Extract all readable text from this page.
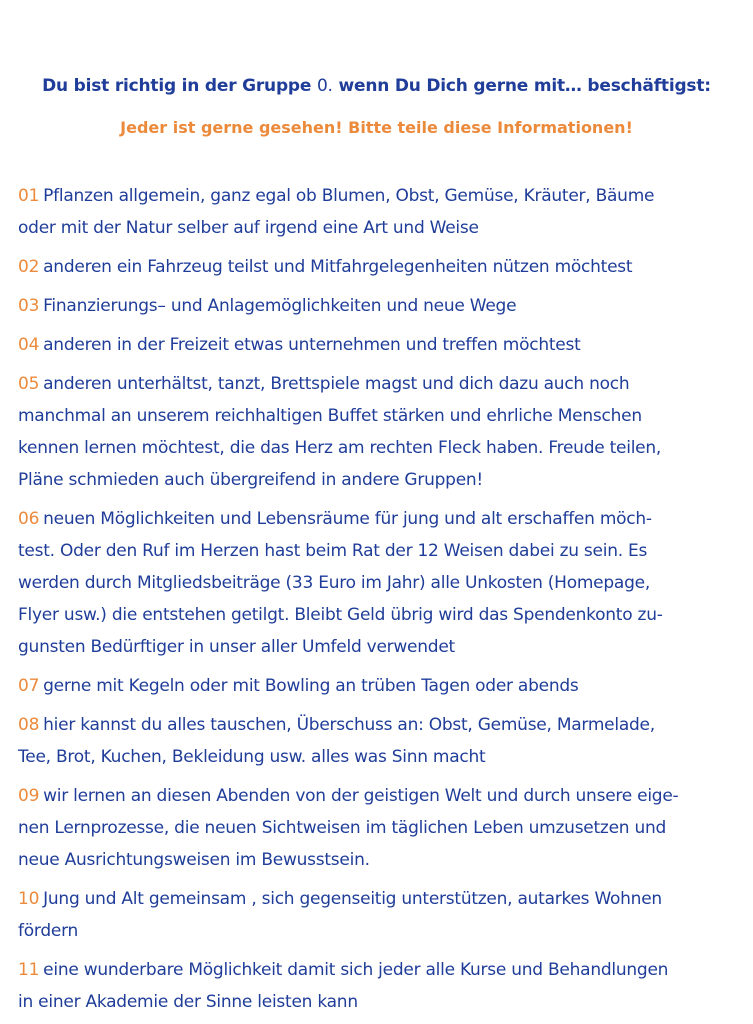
Du bist richtig in der Gruppe 0. wenn Du Dich gerne mit… beschäftigst:
Jeder ist gerne gesehen! Bitte teile diese Informationen!
01 Pflanzen allgemein, ganz egal ob Blumen, Obst, Gemüse, Kräuter, Bäume
oder mit der Natur selber auf irgend eine Art und Weise
02 anderen ein Fahrzeug teilst und Mitfahrgelegenheiten nützen möchtest
03 Finanzierungs– und Anlagemöglichkeiten und neue Wege
04 anderen in der Freizeit etwas unternehmen und treffen möchtest
05 anderen unterhältst, tanzt, Brettspiele magst und dich dazu auch noch
manchmal an unserem reichhaltigen Buffet stärken und ehrliche Menschen
kennen lernen möchtest, die das Herz am rechten Fleck haben. Freude teilen,
Pläne schmieden auch übergreifend in andere Gruppen!
06 neuen Möglichkeiten und Lebensräume für jung und alt erschaffen möch-
test. Oder den Ruf im Herzen hast beim Rat der 12 Weisen dabei zu sein. Es
werden durch Mitgliedsbeiträge (33 Euro im Jahr) alle Unkosten (Homepage,
Flyer usw.) die entstehen getilgt. Bleibt Geld übrig wird das Spendenkonto zu-
gunsten Bedürftiger in unser aller Umfeld verwendet
07 gerne mit Kegeln oder mit Bowling an trüben Tagen oder abends
08 hier kannst du alles tauschen, Überschuss an: Obst, Gemüse, Marmelade,
Tee, Brot, Kuchen, Bekleidung usw. alles was Sinn macht
09 wir lernen an diesen Abenden von der geistigen Welt und durch unsere eige-
nen Lernprozesse, die neuen Sichtweisen im täglichen Leben umzusetzen und
neue Ausrichtungsweisen im Bewusstsein.
10 Jung und Alt gemeinsam , sich gegenseitig unterstützen, autarkes Wohnen
fördern
11 eine wunderbare Möglichkeit damit sich jeder alle Kurse und Behandlungen
in einer Akademie der Sinne leisten kann
